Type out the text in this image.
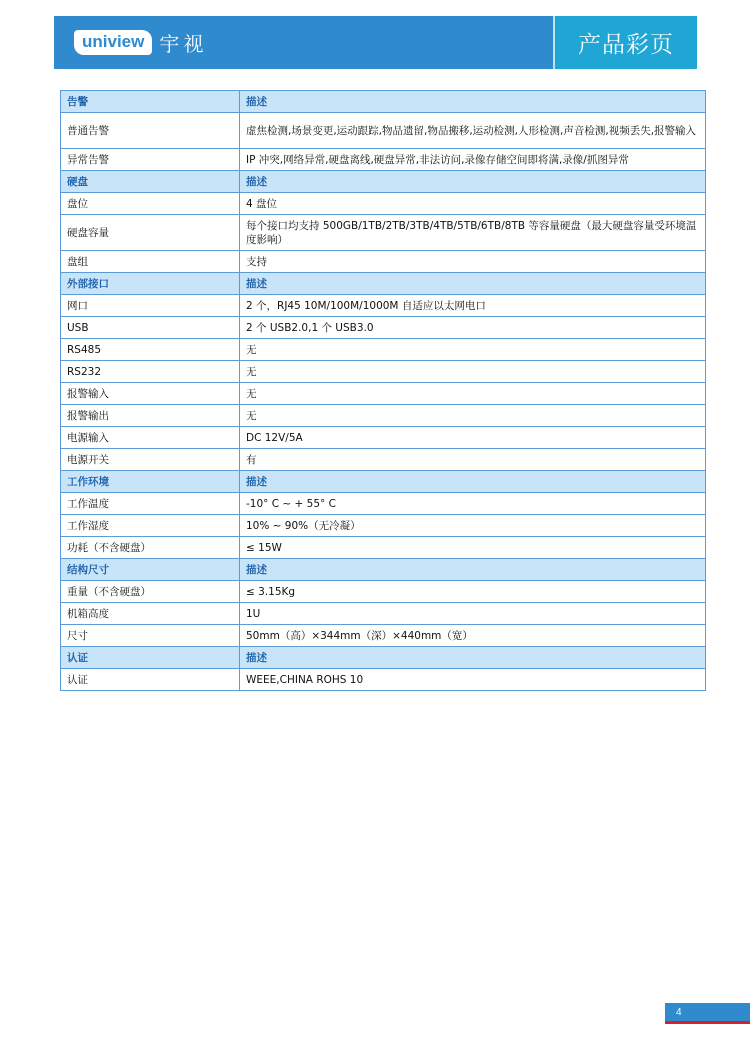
uniview 宇视	产品彩页
告警	描述
普通告警	虚焦检测,场景变更,运动跟踪,物品遗留,物品搬移,运动检测,人形检测,声音检测,视频丢失,报警输入
异常告警	IP 冲突,网络异常,硬盘离线,硬盘异常,非法访问,录像存储空间即将满,录像/抓图异常
硬盘	描述
盘位	4 盘位
硬盘容量	每个接口均支持 500GB/1TB/2TB/3TB/4TB/5TB/6TB/8TB 等容量硬盘（最大硬盘容量受环境温度影响）
盘组	支持
外部接口	描述
网口	2 个，RJ45 10M/100M/1000M 自适应以太网电口
USB	2 个 USB2.0,1 个 USB3.0
RS485	无
RS232	无
报警输入	无
报警输出	无
电源输入	DC 12V/5A
电源开关	有
工作环境	描述
工作温度	-10° C ~ + 55° C
工作湿度	10% ~ 90%（无冷凝）
功耗（不含硬盘）	≤ 15W
结构尺寸	描述
重量（不含硬盘）	≤ 3.15Kg
机箱高度	1U
尺寸	50mm（高）×344mm（深）×440mm（宽）
认证	描述
认证	WEEE,CHINA ROHS 10
4
